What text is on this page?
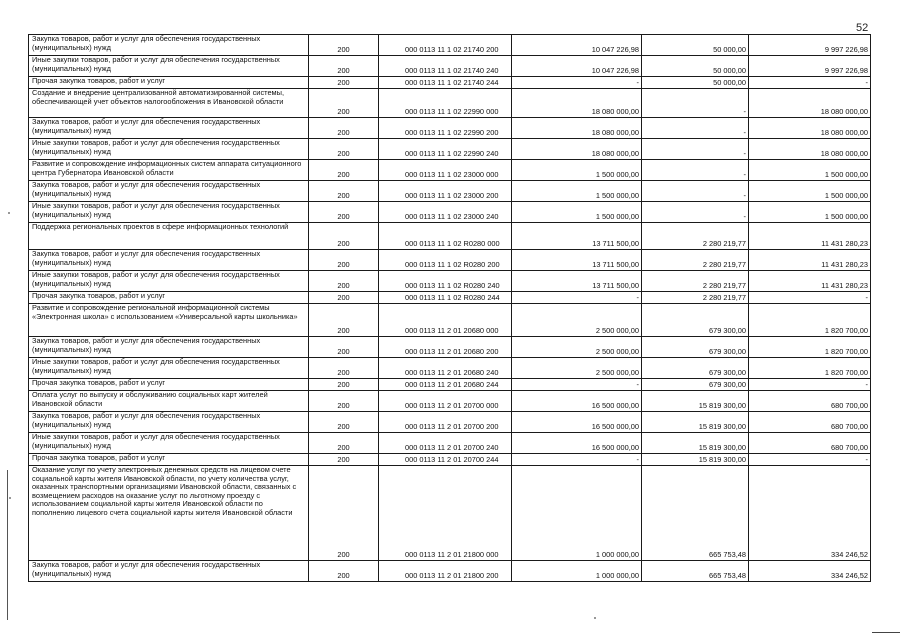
52
Закупка товаров, работ и услуг для обеспечения государственных (муниципальных) нужд	200	000 0113 11 1 02 21740 200	10 047 226,98	50 000,00	9 997 226,98
Иные закупки товаров, работ и услуг для обеспечения государственных (муниципальных) нужд	200	000 0113 11 1 02 21740 240	10 047 226,98	50 000,00	9 997 226,98
Прочая закупка товаров, работ и услуг	200	000 0113 11 1 02 21740 244	-	50 000,00	-
Создание и внедрение централизованной автоматизированной системы, обеспечивающей учет объектов налогообложения в Ивановской области	200	000 0113 11 1 02 22990 000	18 080 000,00	-	18 080 000,00
Закупка товаров, работ и услуг для обеспечения государственных (муниципальных) нужд	200	000 0113 11 1 02 22990 200	18 080 000,00	-	18 080 000,00
Иные закупки товаров, работ и услуг для обеспечения государственных (муниципальных) нужд	200	000 0113 11 1 02 22990 240	18 080 000,00	-	18 080 000,00
Развитие и сопровождение информационных систем аппарата ситуационного центра Губернатора Ивановской области	200	000 0113 11 1 02 23000 000	1 500 000,00	-	1 500 000,00
Закупка товаров, работ и услуг для обеспечения государственных (муниципальных) нужд	200	000 0113 11 1 02 23000 200	1 500 000,00	-	1 500 000,00
Иные закупки товаров, работ и услуг для обеспечения государственных (муниципальных) нужд	200	000 0113 11 1 02 23000 240	1 500 000,00	-	1 500 000,00
Поддержка региональных проектов в сфере информационных технологий	200	000 0113 11 1 02 R0280 000	13 711 500,00	2 280 219,77	11 431 280,23
Закупка товаров, работ и услуг для обеспечения государственных (муниципальных) нужд	200	000 0113 11 1 02 R0280 200	13 711 500,00	2 280 219,77	11 431 280,23
Иные закупки товаров, работ и услуг для обеспечения государственных (муниципальных) нужд	200	000 0113 11 1 02 R0280 240	13 711 500,00	2 280 219,77	11 431 280,23
Прочая закупка товаров, работ и услуг	200	000 0113 11 1 02 R0280 244	-	2 280 219,77	-
Развитие и сопровождение региональной информационной системы «Электронная школа» с использованием «Универсальной карты школьника»	200	000 0113 11 2 01 20680 000	2 500 000,00	679 300,00	1 820 700,00
Закупка товаров, работ и услуг для обеспечения государственных (муниципальных) нужд	200	000 0113 11 2 01 20680 200	2 500 000,00	679 300,00	1 820 700,00
Иные закупки товаров, работ и услуг для обеспечения государственных (муниципальных) нужд	200	000 0113 11 2 01 20680 240	2 500 000,00	679 300,00	1 820 700,00
Прочая закупка товаров, работ и услуг	200	000 0113 11 2 01 20680 244	-	679 300,00	-
Оплата услуг по выпуску и обслуживанию социальных карт жителей Ивановской области	200	000 0113 11 2 01 20700 000	16 500 000,00	15 819 300,00	680 700,00
Закупка товаров, работ и услуг для обеспечения государственных (муниципальных) нужд	200	000 0113 11 2 01 20700 200	16 500 000,00	15 819 300,00	680 700,00
Иные закупки товаров, работ и услуг для обеспечения государственных (муниципальных) нужд	200	000 0113 11 2 01 20700 240	16 500 000,00	15 819 300,00	680 700,00
Прочая закупка товаров, работ и услуг	200	000 0113 11 2 01 20700 244	-	15 819 300,00	-
Оказание услуг по учету электронных денежных средств на лицевом счете социальной карты жителя Ивановской области, по учету количества услуг, оказанных транспортными организациями Ивановской области, связанных с возмещением расходов на оказание услуг по льготному проезду с использованием социальной карты жителя Ивановской области по пополнению лицевого счета социальной карты жителя Ивановской области	200	000 0113 11 2 01 21800 000	1 000 000,00	665 753,48	334 246,52
Закупка товаров, работ и услуг для обеспечения государственных (муниципальных) нужд	200	000 0113 11 2 01 21800 200	1 000 000,00	665 753,48	334 246,52
